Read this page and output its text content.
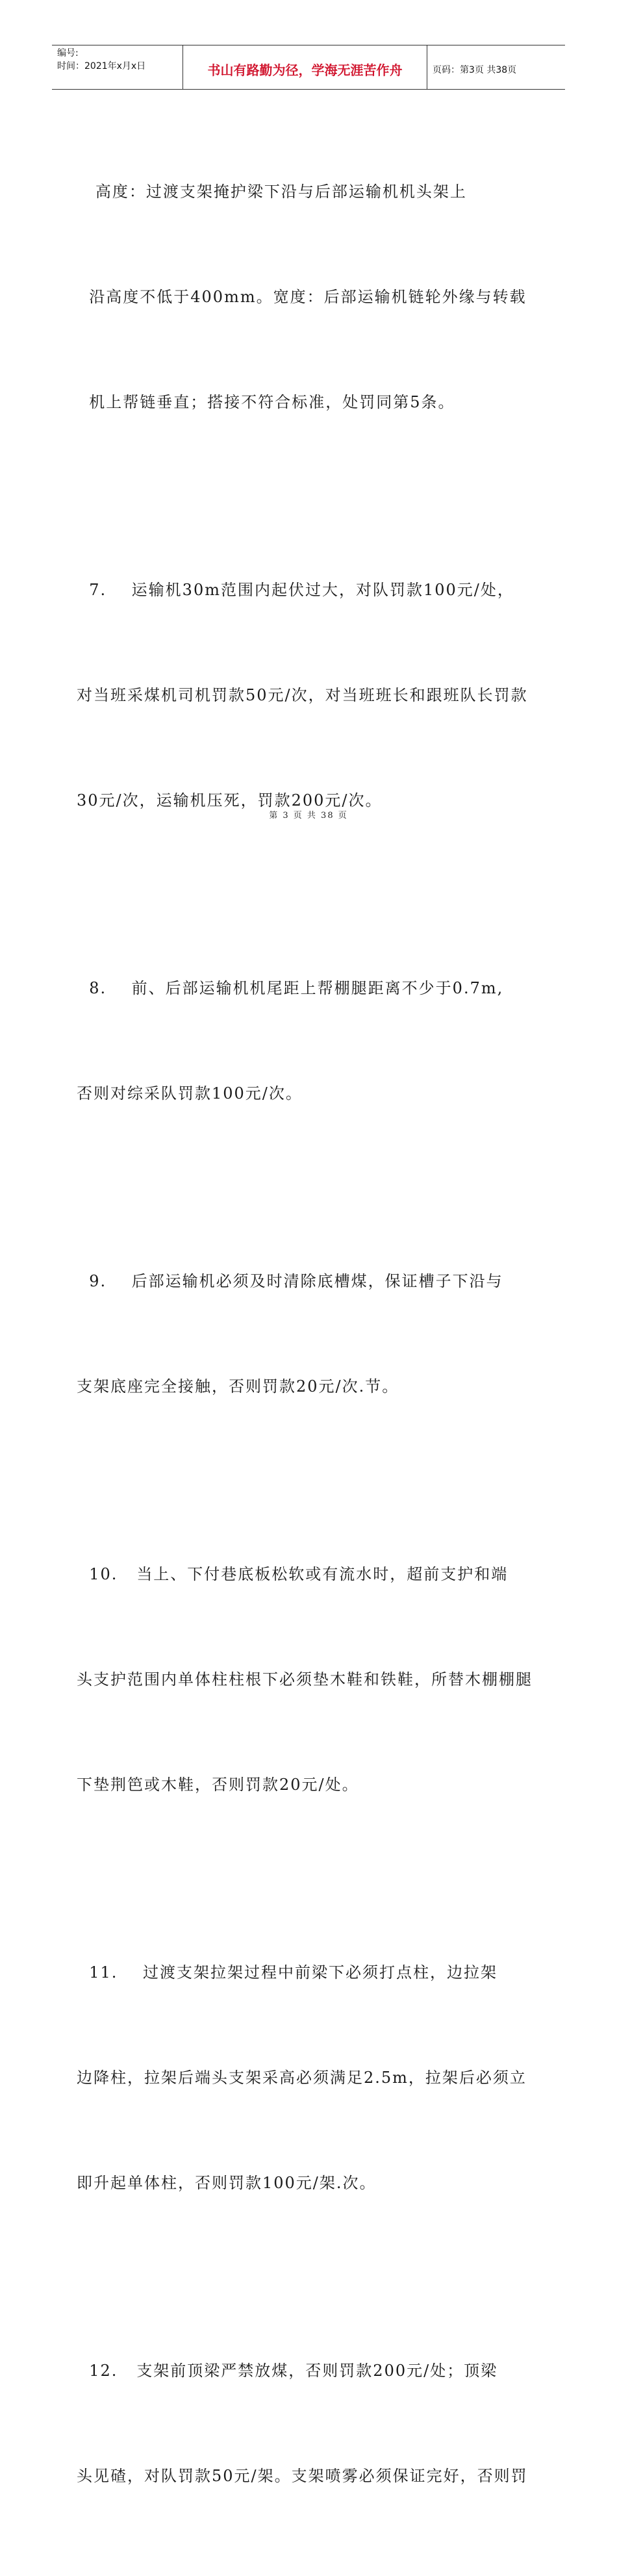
编号:
时间：2021年x月x日	书山有路勤为径，学海无涯苦作舟	页码：第3页 共38页

高度：过渡支架掩护梁下沿与后部运输机机头架上

沿高度不低于400mm。宽度：后部运输机链轮外缘与转载

机上帮链垂直；搭接不符合标准，处罚同第5条。

7.    运输机30m范围内起伏过大，对队罚款100元/处，

对当班采煤机司机罚款50元/次，对当班班长和跟班队长罚款

30元/次，运输机压死，罚款200元/次。

8.    前、后部运输机机尾距上帮棚腿距离不少于0.7m,

否则对综采队罚款100元/次。

9.    后部运输机必须及时清除底槽煤，保证槽子下沿与

支架底座完全接触，否则罚款20元/次.节。

10.   当上、下付巷底板松软或有流水时，超前支护和端

头支护范围内单体柱柱根下必须垫木鞋和铁鞋，所替木棚棚腿

下垫荆笆或木鞋，否则罚款20元/处。

11.    过渡支架拉架过程中前梁下必须打点柱，边拉架

边降柱，拉架后端头支架采高必须满足2.5m，拉架后必须立

即升起单体柱，否则罚款100元/架.次。

12.   支架前顶梁严禁放煤，否则罚款200元/处；顶梁

头见碴，对队罚款50元/架。支架喷雾必须保证完好，否则罚

第 3 页 共 38 页
